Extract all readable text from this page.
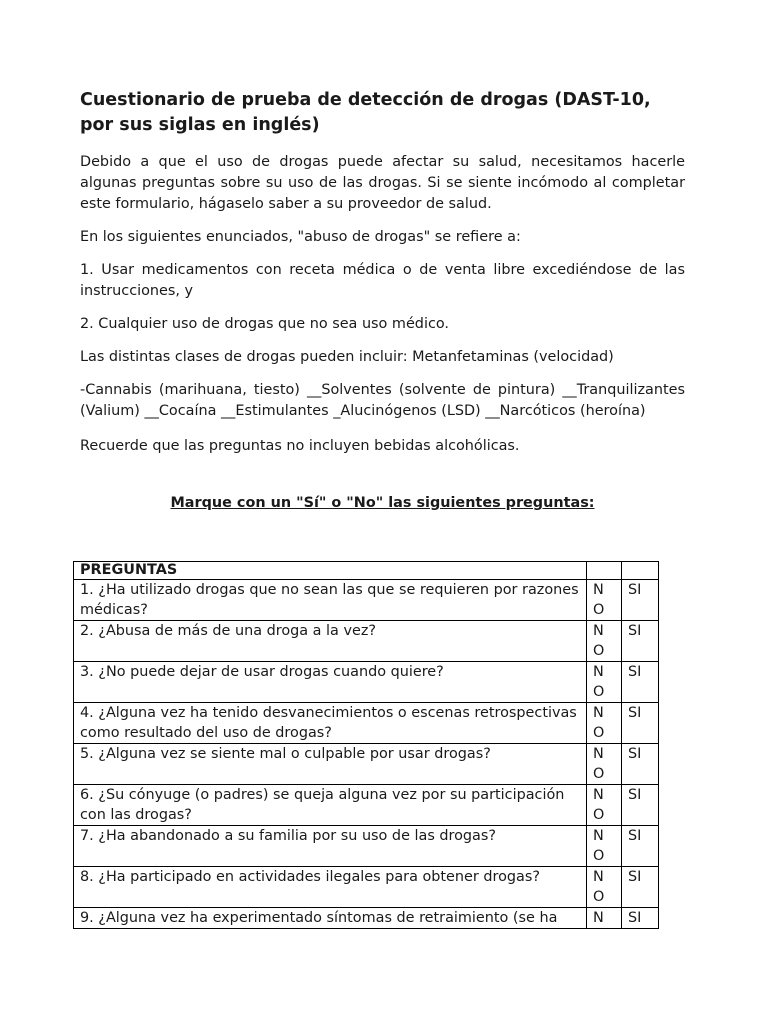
Cuestionario de prueba de detección de drogas (DAST-10, por sus siglas en inglés)

Debido a que el uso de drogas puede afectar su salud, necesitamos hacerle algunas preguntas sobre su uso de las drogas. Si se siente incómodo al completar este formulario, hágaselo saber a su proveedor de salud.

En los siguientes enunciados, "abuso de drogas" se refiere a:

1. Usar medicamentos con receta médica o de venta libre excediéndose de las instrucciones, y

2. Cualquier uso de drogas que no sea uso médico.

Las distintas clases de drogas pueden incluir: Metanfetaminas (velocidad)

-Cannabis (marihuana, tiesto) __Solventes (solvente de pintura) __Tranquilizantes (Valium) __Cocaína __Estimulantes _Alucinógenos (LSD) __Narcóticos (heroína)

Recuerde que las preguntas no incluyen bebidas alcohólicas.

Marque con un "Sí" o "No" las siguientes preguntas:
PREGUNTAS		
1. ¿Ha utilizado drogas que no sean las que se requieren por razones médicas?	NO	SI
2. ¿Abusa de más de una droga a la vez?	NO	SI
3. ¿No puede dejar de usar drogas cuando quiere?	NO	SI
4. ¿Alguna vez ha tenido desvanecimientos o escenas retrospectivas como resultado del uso de drogas?	NO	SI
5. ¿Alguna vez se siente mal o culpable por usar drogas?	NO	SI
6. ¿Su cónyuge (o padres) se queja alguna vez por su participación con las drogas?	NO	SI
7. ¿Ha abandonado a su familia por su uso de las drogas?	NO	SI
8. ¿Ha participado en actividades ilegales para obtener drogas?	NO	SI

9. ¿Alguna vez ha experimentado síntomas de retraimiento (se ha	N	SI
